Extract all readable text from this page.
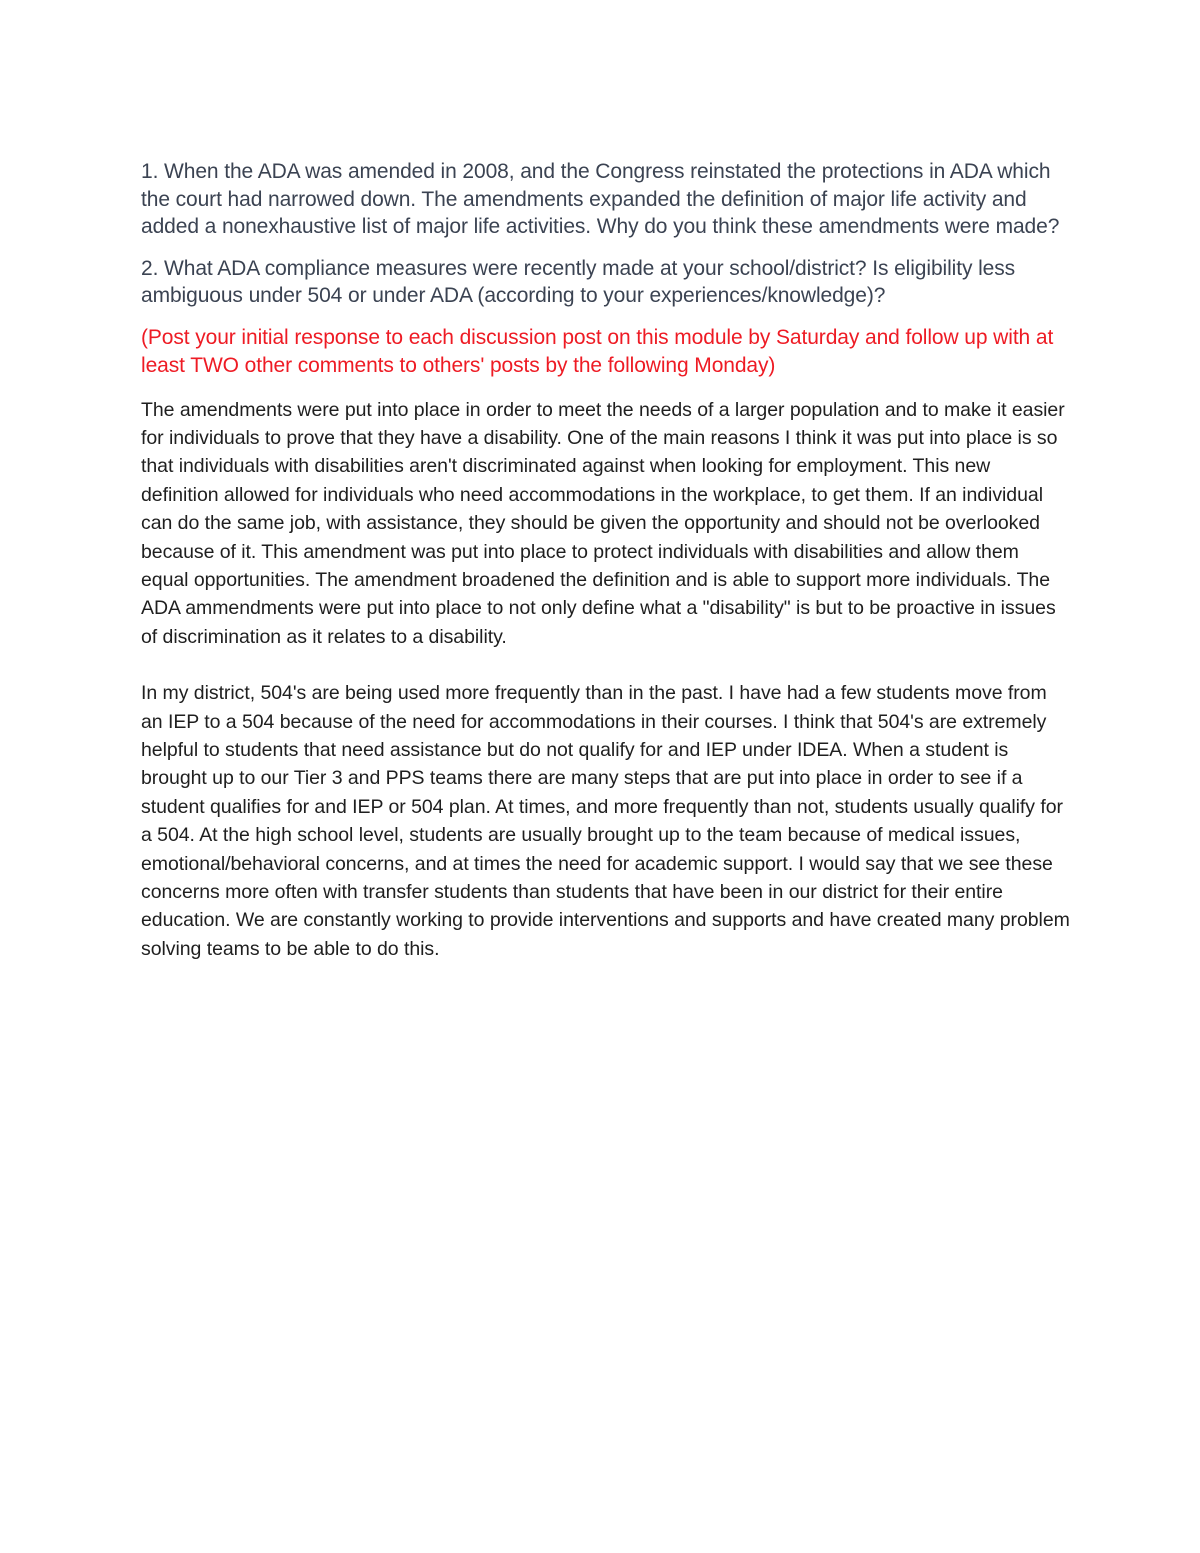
1. When the ADA was amended in 2008, and the Congress reinstated the protections in ADA which the court had narrowed down. The amendments expanded the definition of major life activity and added a nonexhaustive list of major life activities. Why do you think these amendments were made?

2. What ADA compliance measures were recently made at your school/district? Is eligibility less ambiguous under 504 or under ADA (according to your experiences/knowledge)?

(Post your initial response to each discussion post on this module by Saturday and follow up with at least TWO other comments to others' posts by the following Monday)

The amendments were put into place in order to meet the needs of a larger population and to make it easier for individuals to prove that they have a disability. One of the main reasons I think it was put into place is so that individuals with disabilities aren't discriminated against when looking for employment. This new definition allowed for individuals who need accommodations in the workplace, to get them. If an individual can do the same job, with assistance, they should be given the opportunity and should not be overlooked because of it. This amendment was put into place to protect individuals with disabilities and allow them equal opportunities. The amendment broadened the definition and is able to support more individuals. The ADA ammendments were put into place to not only define what a "disability" is but to be proactive in issues of discrimination as it relates to a disability.

In my district, 504's are being used more frequently than in the past. I have had a few students move from an IEP to a 504 because of the need for accommodations in their courses. I think that 504's are extremely helpful to students that need assistance but do not qualify for and IEP under IDEA. When a student is brought up to our Tier 3 and PPS teams there are many steps that are put into place in order to see if a student qualifies for and IEP or 504 plan. At times, and more frequently than not, students usually qualify for a 504. At the high school level, students are usually brought up to the team because of medical issues, emotional/behavioral concerns, and at times the need for academic support. I would say that we see these concerns more often with transfer students than students that have been in our district for their entire education. We are constantly working to provide interventions and supports and have created many problem solving teams to be able to do this.
